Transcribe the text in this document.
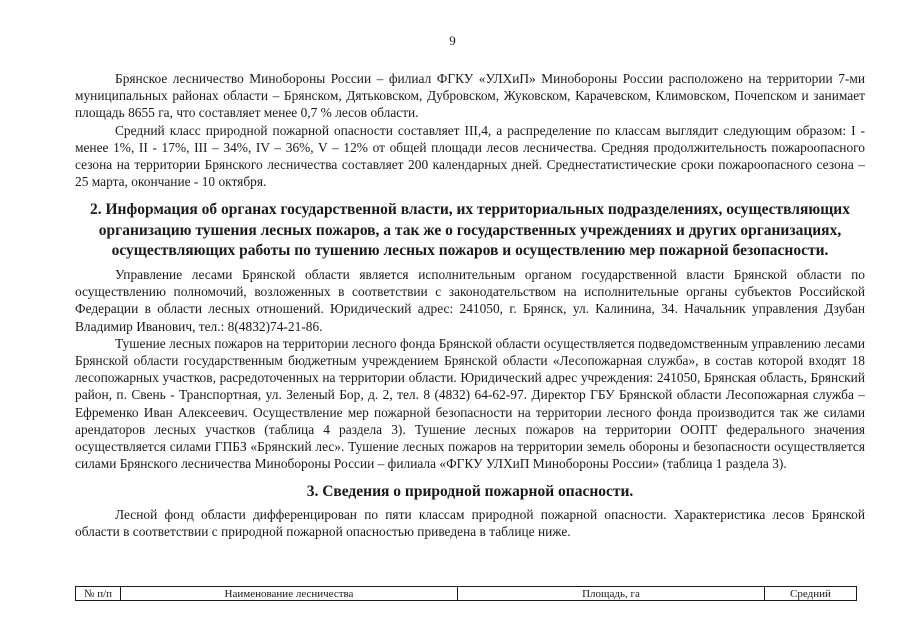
9

Брянское лесничество Минобороны России – филиал ФГКУ «УЛХиП» Минобороны России расположено на территории 7-ми муниципальных районах области – Брянском, Дятьковском, Дубровском, Жуковском, Карачевском, Климовском, Почепском и занимает площадь 8655 га, что составляет менее 0,7 % лесов области.

Средний класс природной пожарной опасности составляет III,4, а распределение по классам выглядит следующим образом: I - менее 1%, II - 17%, III – 34%, IV – 36%, V – 12% от общей площади лесов лесничества. Средняя продолжительность пожароопасного сезона на территории Брянского лесничества составляет 200 календарных дней. Среднестатистические сроки пожароопасного сезона – 25 марта, окончание - 10 октября.

2. Информация об органах государственной власти, их территориальных подразделениях, осуществляющих организацию тушения лесных пожаров, а так же о государственных учреждениях и других организациях, осуществляющих работы по тушению лесных пожаров и осуществлению мер пожарной безопасности.

Управление лесами Брянской области является исполнительным органом государственной власти Брянской области по осуществлению полномочий, возложенных в соответствии с законодательством на исполнительные органы субъектов Российской Федерации в области лесных отношений. Юридический адрес: 241050, г. Брянск, ул. Калинина, 34. Начальник управления Дзубан Владимир Иванович, тел.: 8(4832)74-21-86.

Тушение лесных пожаров на территории лесного фонда Брянской области осуществляется подведомственным управлению лесами Брянской области государственным бюджетным учреждением Брянской области «Лесопожарная служба», в состав которой входят 18 лесопожарных участков, расредоточенных на территории области. Юридический адрес учреждения: 241050, Брянская область, Брянский район, п. Свень - Транспортная, ул. Зеленый Бор, д. 2, тел. 8 (4832) 64-62-97. Директор ГБУ Брянской области Лесопожарная служба – Ефременко Иван Алексеевич. Осуществление мер пожарной безопасности на территории лесного фонда производится так же силами арендаторов лесных участков (таблица 4 раздела 3). Тушение лесных пожаров на территории ООПТ федерального значения осуществляется силами ГПБЗ «Брянский лес». Тушение лесных пожаров на территории земель обороны и безопасности осуществляется силами Брянского лесничества Минобороны России – филиала «ФГКУ УЛХиП Минобороны России» (таблица 1 раздела 3).

3. Сведения о природной пожарной опасности.

Лесной фонд области дифференцирован по пяти классам природной пожарной опасности. Характеристика лесов Брянской области в соответствии с природной пожарной опасностью приведена в таблице ниже.

№ п/п	Наименование лесничества	Площадь, га	Средний
